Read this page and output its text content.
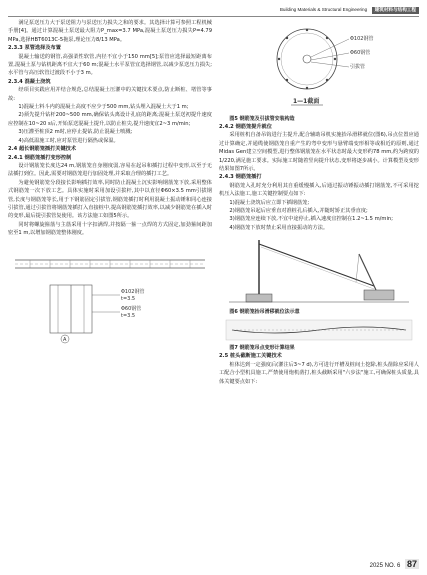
Building Materials & Structural Engineering 建筑材料与结构工程

满足泵送压力大于泵送阻力与泵送压力损失之和的要求。其选择计算可参照工程机械手册[4]。通过计算混凝土泵送最大阻力P_max=3.7 MPa,混凝土泵送压力损失P=4.79 MPa,选择HBT6013C-5拖泵,理论压力8/13 MPa。

2.3.3 泵管选择及布置

混凝土输送的钢管,高强柔性软管,内径不宜小于150 mm[5];泵管应选择最短距离布置,混凝土泵与钻机距离不宜大于60 m;混凝土水平泵管宜选择钢管,以减少泵送压力损失;水平管与高压软管过渡段不小于3 m。

2.3.4 混凝土浇筑

经项目实践应用并结合规范,总结混凝土压灌中的关键技术要点,防止断桩、堵管等事故:

1)混凝土料斗内的混凝土高度不应少于500 mm,钻头埋入混凝土大于1 m;

2)须先提升钻杆200~500 mm,确保钻头离设计孔底的距离;混凝土泵送初提升速度应控制在10~20 s后,开始泵送混凝土提升,以防止桩尖,提升速度宜2~3 m/min;

3)压灌至桩顶2 m时,应停止提钻,防止混凝土喷溅;

4)高低温施工时,应对泵管进行隔热或保温。

2.4 超长钢筋笼插打关键技术

2.4.1 钢筋笼插打变形控制

设计钢筋笼长度达24 m,钢筋笼自身刚度弱,容易在起吊和插打过程中变形,以至于无法插打到位。因此,需要对钢筋笼进行加固处理,并采取合理的插打工艺。

为避免钢筋笼分段接长影响插打效率,同时防止混凝土沉实影响钢筋笼下放,采用整体式钢筋笼一次下放工艺。具体实施时采用加设引拔杆,其中以直径Φ60×3.5 mm引拔钢管,长度与钢筋笼等长,用于下钢筋固定引拔管,钢筋笼插打时利用混凝土振动锤和同心连接引拔管,通过引拔管将钢筋笼插打入直接桩中,提高钢筋笼插打效率,以减少钢筋笼在插入时的变形,最后提引拔管复使用。该方法施工如图5所示。

同时将螺旋箍筋与主筋采用十字扣满焊,并按隔一箍一点焊的方式固定,加劲箍间距加密至1 m,以增加钢筋笼整体刚度。

Φ102钢管
t=3.5
Φ60钢管
t=3.5
A
Φ102钢管
Φ60钢管
引拔管
1—1截面

图5 钢筋笼及引拔管安装构造

2.4.2 钢筋笼提升就位

采用桩机自备吊钩进行主提升,配合辅助吊机实施抬吊滑移就位(图6),吊点位置应通过计算确定,并通缆使钢筋笼自重产生的弯中变形与悬臂端变形相等或相近的原则,通过Midas Gen建立空间模型,进行整体钢筋笼在水平状态时最大变形约78 mm,约为跨度的1/220,满足施工要求。实际施工时随着竖向提升状态,变形将逐步减小。计算模型及变形结果如图7所示。

2.4.3 钢筋笼插打

钢筋笼入孔时充分利用其自重缓慢插入,后通过振动锤振动插打钢筋笼,不可采用挖机压入法施工,施工关键控制要点如下:

1)混凝土浇筑后应立即下插钢筋笼;

2)钢筋笼吊起后应垂直对准桩孔后插入,并随时矫正其垂直度;

3)钢筋笼应连续下放,不宜中途停止,插入速度宜控制在1.2~1.5 m/min;

4)钢筋笼下放时禁止采用直接振动的方法。

图6 钢筋笼抬吊滑移就位法示意

图7 钢筋笼吊点变形计算结果

2.5 桩头截断施工关键技术

桩体达到一定强度后(灌注后3~7 d),方可进行开槽及桩间土挖除,桩头凿除应采用人工配合小型机具施工,严禁使用炮机凿打,桩头截断采用"六步法"施工,可确保桩头质量,具体关键要点如下:

2025 NO. 6 87
